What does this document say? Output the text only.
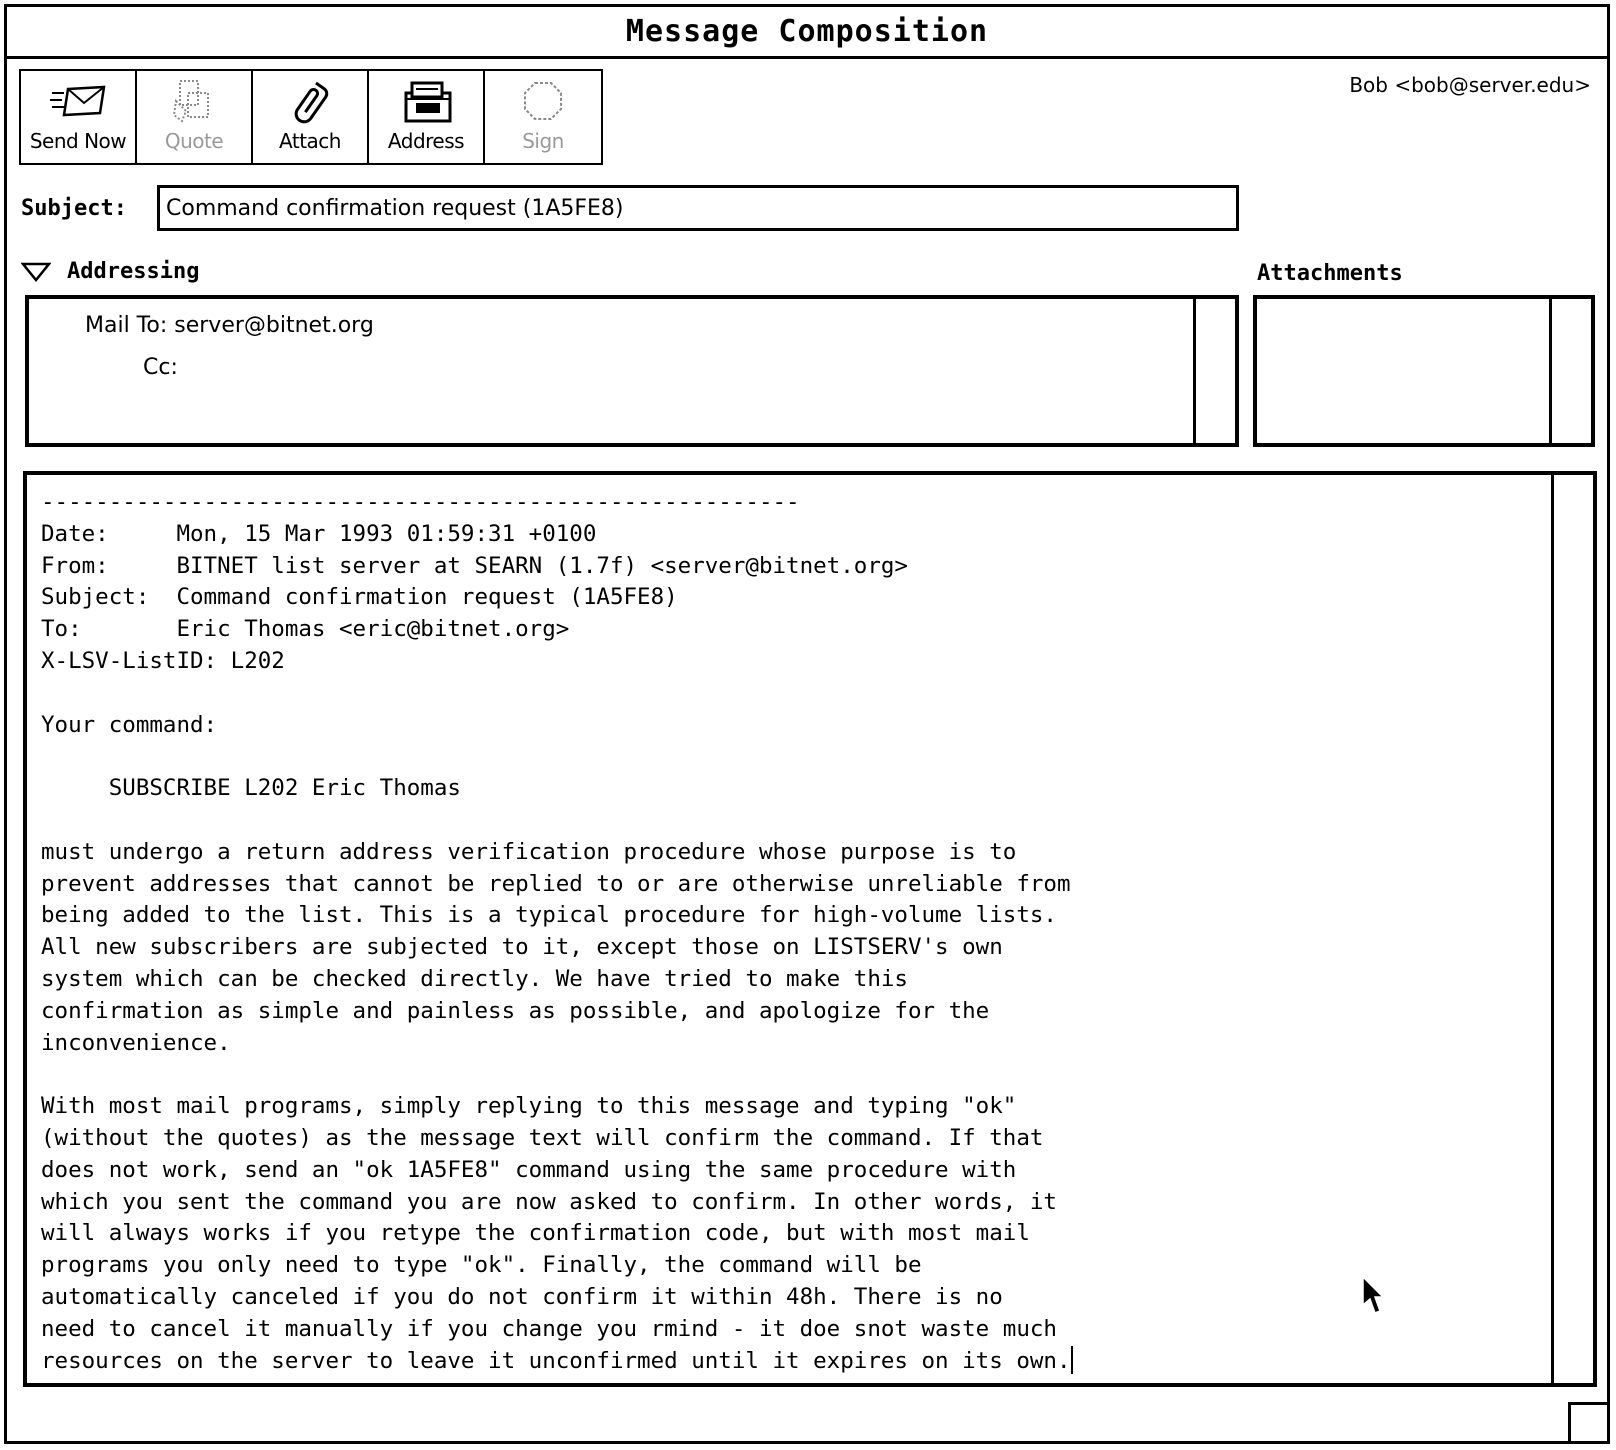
Message Composition
Send Now Quote	Attach Address	Sign
Bob <bob@server.edu>
Subject:	Command confirmation request (1A5FE8)
Addressing	Attachments
Mail To: server@bitnet.org
Cc:
--------------------------------------------------------
Date:     Mon, 15 Mar 1993 01:59:31 +0100
From:     BITNET list server at SEARN (1.7f) <server@bitnet.org>
Subject:  Command confirmation request (1A5FE8)
To:       Eric Thomas <eric@bitnet.org>
X-LSV-ListID: L202

Your command:

SUBSCRIBE L202 Eric Thomas

must undergo a return address verification procedure whose purpose is to
prevent addresses that cannot be replied to or are otherwise unreliable from
being added to the list. This is a typical procedure for high-volume lists.
All new subscribers are subjected to it, except those on LISTSERV's own
system which can be checked directly. We have tried to make this
confirmation as simple and painless as possible, and apologize for the
inconvenience.

With most mail programs, simply replying to this message and typing "ok"
(without the quotes) as the message text will confirm the command. If that
does not work, send an "ok 1A5FE8" command using the same procedure with
which you sent the command you are now asked to confirm. In other words, it
will always works if you retype the confirmation code, but with most mail
programs you only need to type "ok". Finally, the command will be
automatically canceled if you do not confirm it within 48h. There is no
need to cancel it manually if you change you rmind - it doe snot waste much
resources on the server to leave it unconfirmed until it expires on its own.
